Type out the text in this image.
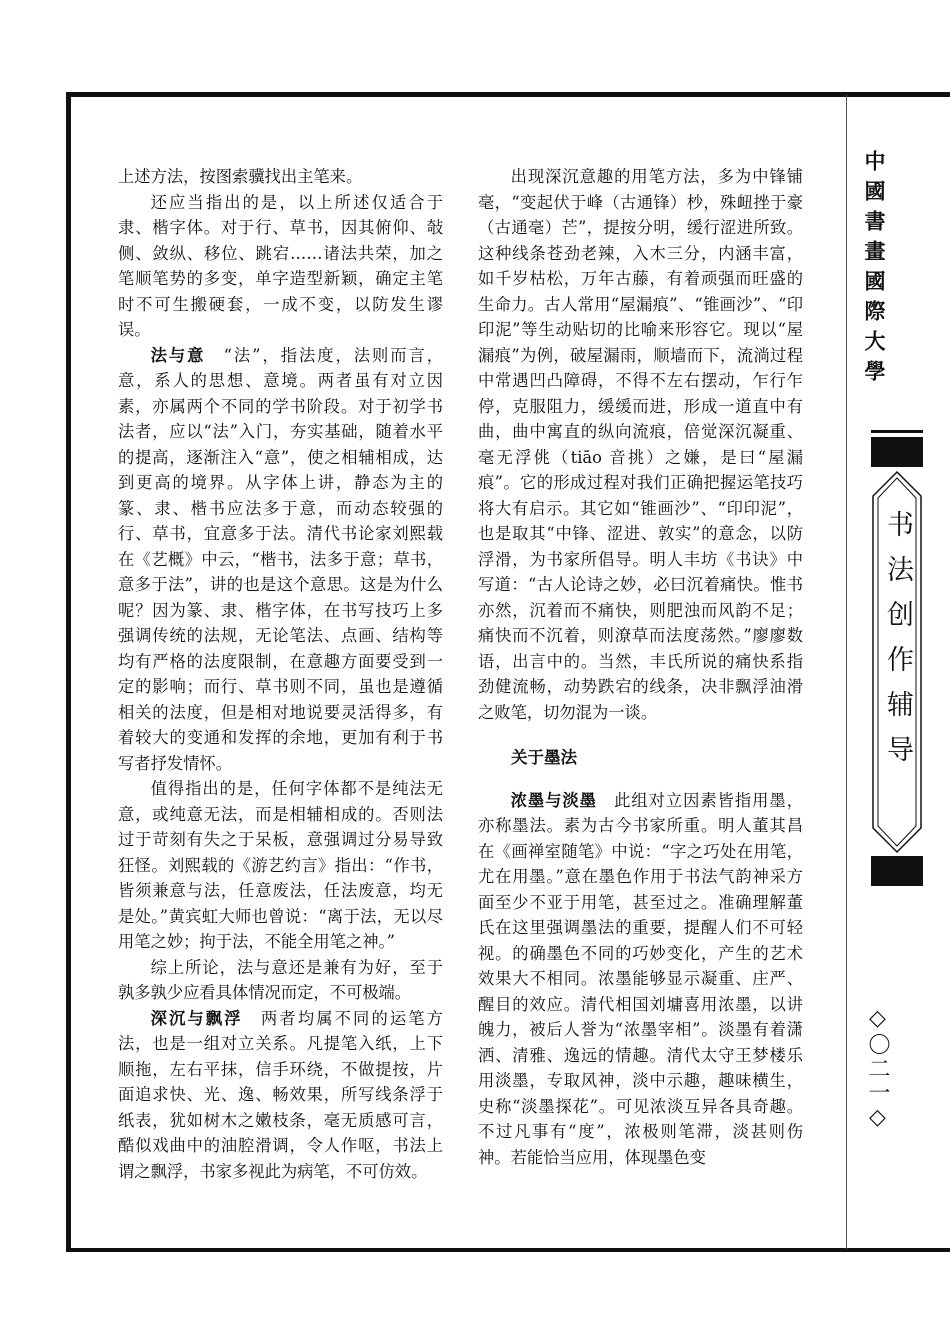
上述方法，按图索骥找出主笔来。

还应当指出的是，以上所述仅适合于隶、楷字体。对于行、草书，因其俯仰、敧侧、敛纵、移位、跳宕……诸法共荣，加之笔顺笔势的多变，单字造型新颖，确定主笔时不可生搬硬套，一成不变，以防发生谬误。

法与意　 “法”，指法度，法则而言，意，系人的思想、意境。两者虽有对立因素，亦属两个不同的学书阶段。对于初学书法者，应以“法”入门，夯实基础，随着水平的提高，逐渐注入“意”，使之相辅相成，达到更高的境界。从字体上讲，静态为主的篆、隶、楷书应法多于意，而动态较强的行、草书，宜意多于法。清代书论家刘熙载在《艺概》中云，“楷书，法多于意；草书，意多于法”，讲的也是这个意思。这是为什么呢？因为篆、隶、楷字体，在书写技巧上多强调传统的法规，无论笔法、点画、结构等均有严格的法度限制，在意趣方面要受到一定的影响；而行、草书则不同，虽也是遵循相关的法度，但是相对地说要灵活得多，有着较大的变通和发挥的余地，更加有利于书写者抒发情怀。

值得指出的是，任何字体都不是纯法无意，或纯意无法，而是相辅相成的。否则法过于苛刻有失之于呆板，意强调过分易导致狂怪。刘熙载的《游艺约言》指出：“作书，皆须兼意与法，任意废法，任法废意，均无是处。”黄宾虹大师也曾说：“离于法，无以尽用笔之妙；拘于法，不能全用笔之神。”

综上所论，法与意还是兼有为好，至于孰多孰少应看具体情况而定，不可极端。

深沉与飘浮　 两者均属不同的运笔方法，也是一组对立关系。凡提笔入纸，上下顺拖，左右平抹，信手环绕，不做提按，片面追求快、光、逸、畅效果，所写线条浮于纸表，犹如树木之嫩枝条，毫无质感可言，酷似戏曲中的油腔滑调，令人作呕，书法上谓之飘浮，书家多视此为病笔，不可仿效。

出现深沉意趣的用笔方法，多为中锋铺毫，“变起伏于峰（古通锋）杪，殊衄挫于豪（古通毫）芒”，提按分明，缓行涩进所致。这种线条苍劲老辣，入木三分，内涵丰富，如千岁枯松，万年古藤，有着顽强而旺盛的生命力。古人常用“屋漏痕”、“锥画沙”、“印印泥”等生动贴切的比喻来形容它。现以“屋漏痕”为例，破屋漏雨，顺墙而下，流淌过程中常遇凹凸障碍，不得不左右摆动，乍行乍停，克服阻力，缓缓而进，形成一道直中有曲，曲中寓直的纵向流痕，倍觉深沉凝重、毫无浮佻（tiāo 音挑）之嫌，是曰“屋漏痕”。它的形成过程对我们正确把握运笔技巧将大有启示。其它如“锥画沙”、“印印泥”，也是取其“中锋、涩进、敦实”的意念，以防浮滑，为书家所倡导。明人丰坊《书诀》中写道：“古人论诗之妙，必曰沉着痛快。惟书亦然，沉着而不痛快，则肥浊而风韵不足；痛快而不沉着，则潦草而法度荡然。”廖廖数语，出言中的。当然，丰氏所说的痛快系指劲健流畅，动势跌宕的线条，决非飘浮油滑之败笔，切勿混为一谈。

关于墨法

浓墨与淡墨　 此组对立因素皆指用墨，亦称墨法。素为古今书家所重。明人董其昌在《画禅室随笔》中说：“字之巧处在用笔，尤在用墨。”意在墨色作用于书法气韵神采方面至少不亚于用笔，甚至过之。准确理解董氏在这里强调墨法的重要，提醒人们不可轻视。的确墨色不同的巧妙变化，产生的艺术效果大不相同。浓墨能够显示凝重、庄严、醒目的效应。清代相国刘墉喜用浓墨，以讲魄力，被后人誉为“浓墨宰相”。淡墨有着潇洒、清雅、逸远的情趣。清代太守王梦楼乐用淡墨，专取风神，淡中示趣，趣味横生，史称“淡墨探花”。可见浓淡互异各具奇趣。不过凡事有“度”，浓极则笔滞，淡甚则伤神。若能恰当应用，体现墨色变

中國書畫國際大學
书法创作辅导
◇〇二一◇
